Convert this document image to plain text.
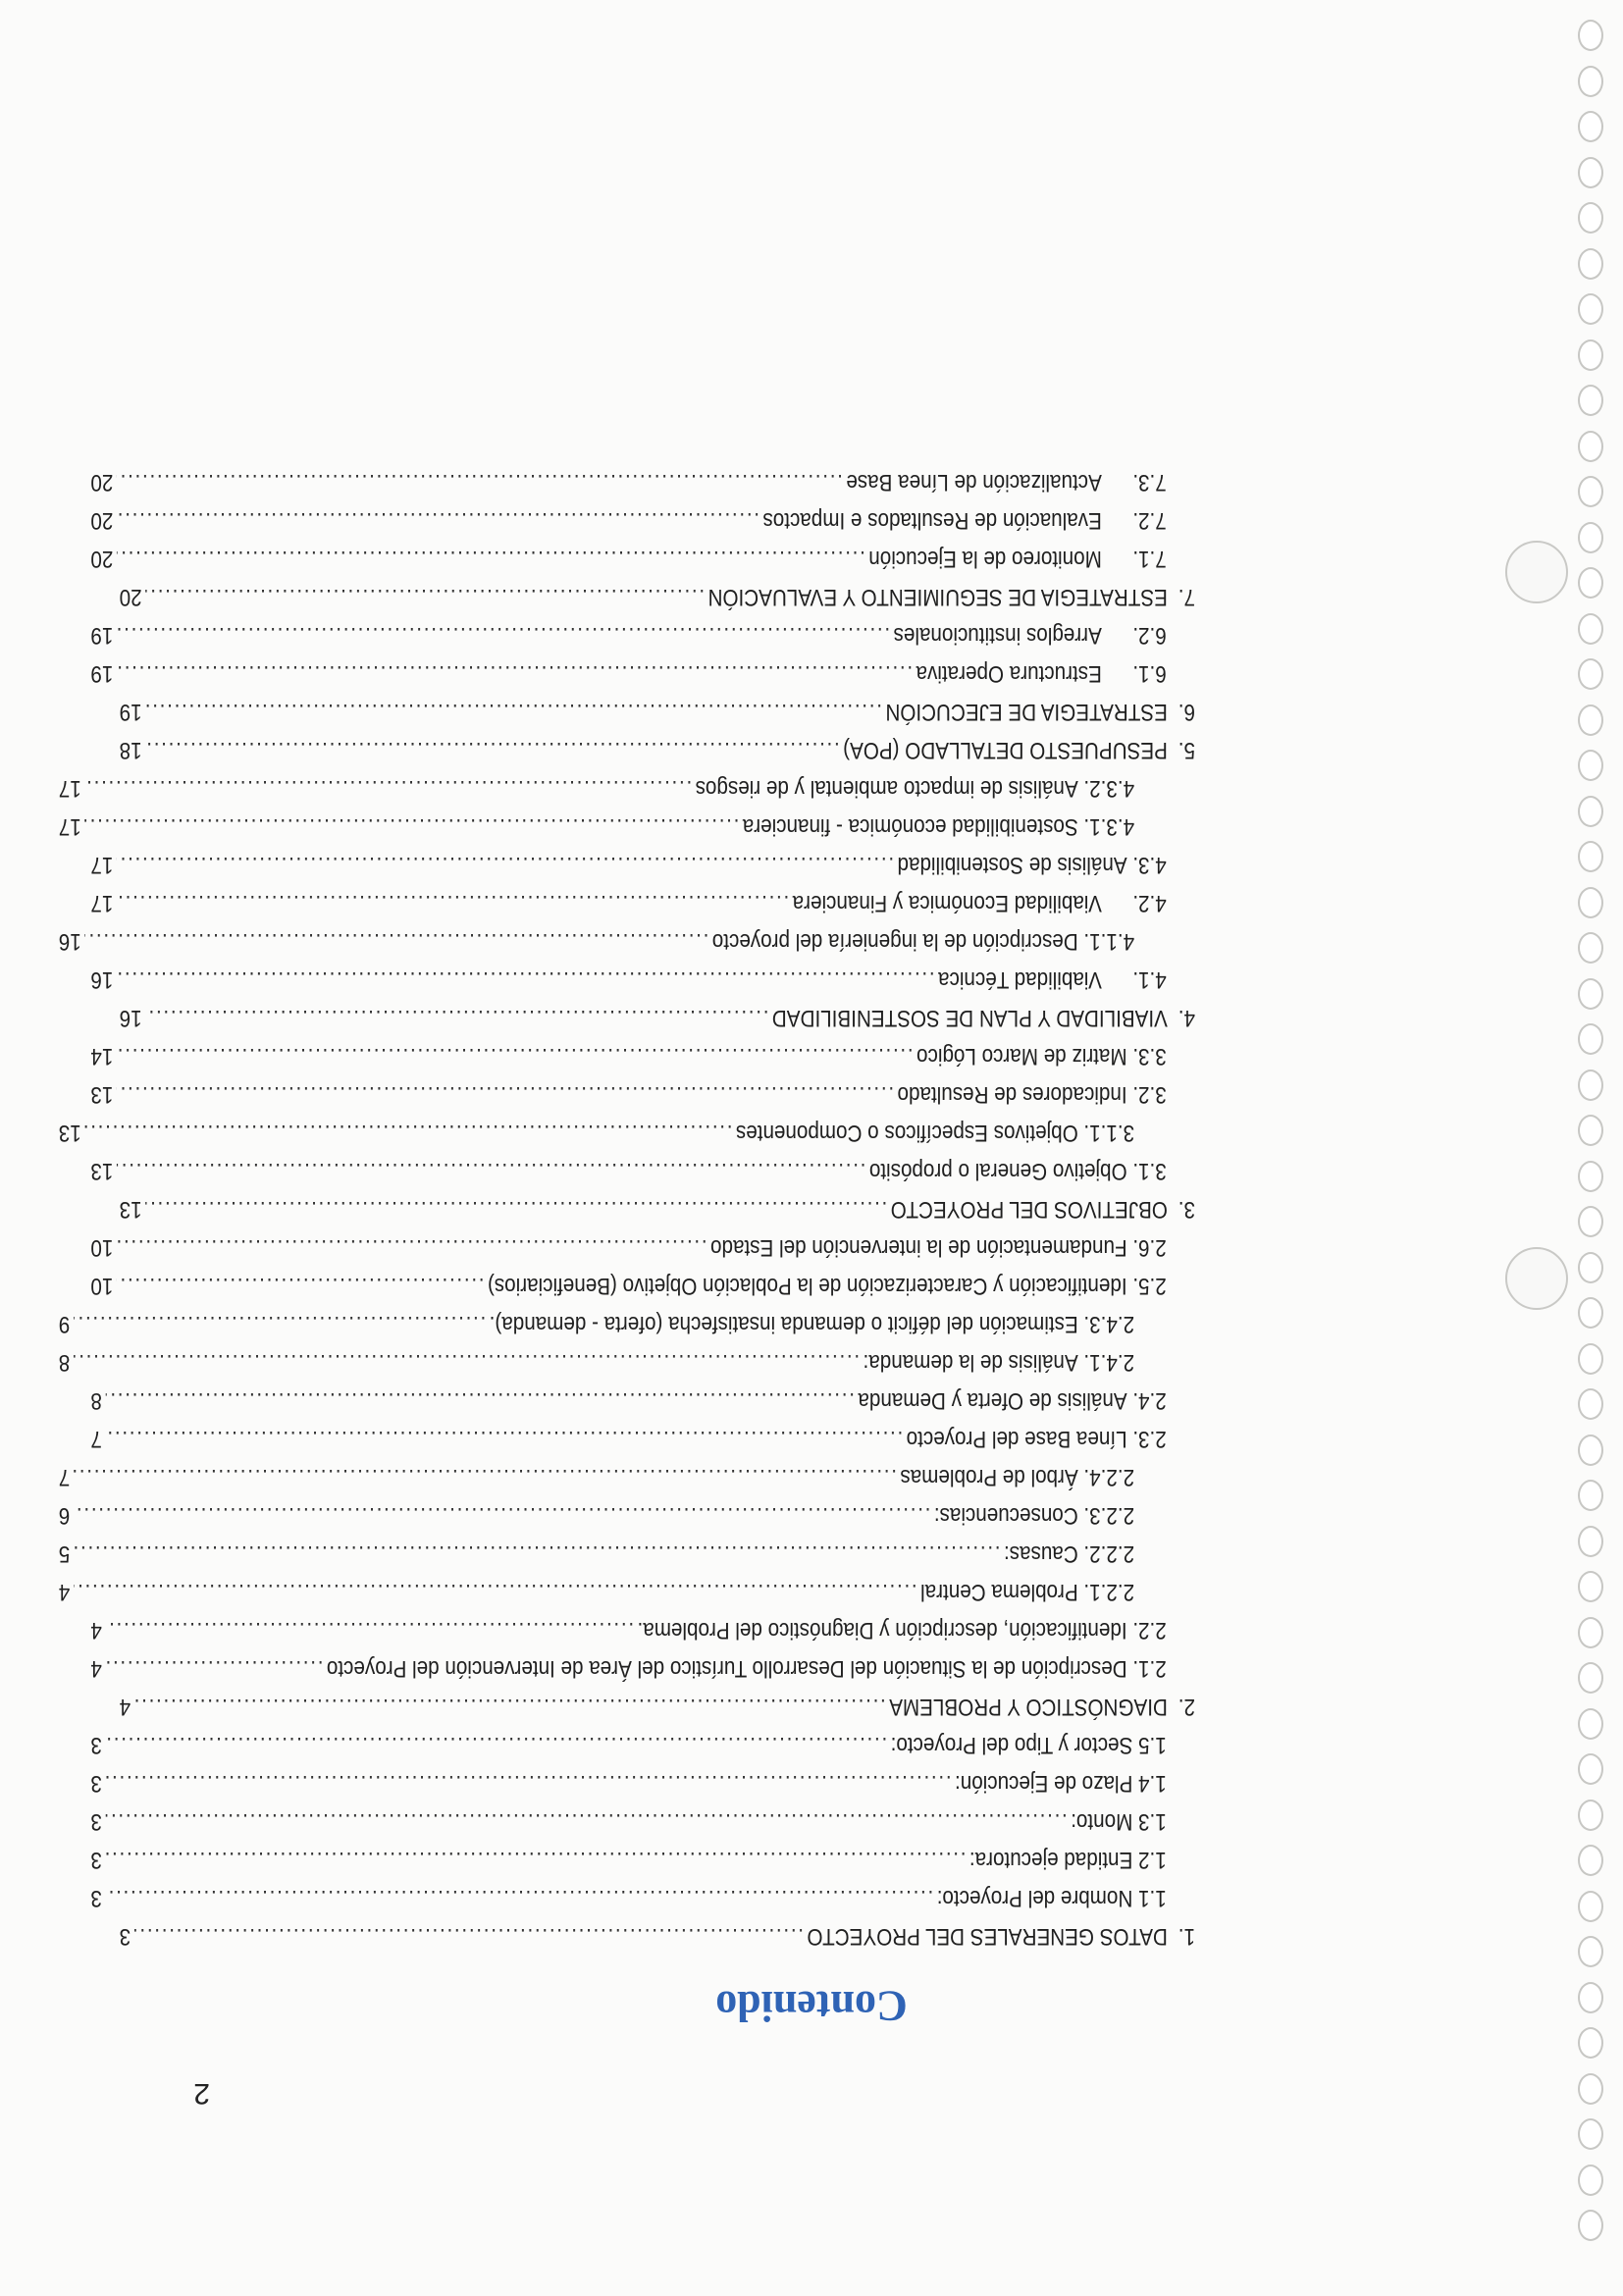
2
Contenido
1.

DATOS GENERALES DEL PROYECTO
.....
3
1.1

Nombre del Proyecto:
.....
3
1.2

Entidad ejecutora:
.....
3
1.3

Monto:
.....
3
1.4

Plazo de Ejecución:
.....
3
1.5

Sector y Tipo del Proyecto:
.....
3
2.

DIAGNÓSTICO Y PROBLEMA
.....
4
2.1.

Descripción de la Situación del Desarrollo Turístico del Área de Intervención del Proyecto
.....
4
2.2.

Identificación, descripción y Diagnóstico del Problema.
.....
4
2.2.1.

Problema Central
.....
4
2.2.2.

Causas:
.....
5
2.2.3.

Consecuencias:
.....
6
2.2.4.

Árbol de Problemas
.....
7
2.3.

Línea Base del Proyecto
.....
7
2.4.

Análisis de Oferta y Demanda
.....
8
2.4.1.

Análisis de la demanda:
.....
8
2.4.3.

Estimación del déficit o demanda insatisfecha (oferta - demanda).
.....
9
2.5.

Identificación y Caracterización de la Población Objetivo (Beneficiarios)
.....
10
2.6.

Fundamentación de la intervención del Estado
.....
10
3.

OBJETIVOS DEL PROYECTO
.....
13
3.1.

Objetivo General o propósito
.....
13
3.1.1.

Objetivos Específicos o Componentes
.....
13
3.2.

Indicadores de Resultado
.....
13
3.3.

Matriz de Marco Lógico
.....
14
4.

VIABILIDAD Y PLAN DE SOSTENIBILIDAD
.....
16
4.1.

Viabilidad Técnica
.....
16
4.1.1.

Descripción de la ingeniería del proyecto
.....
16
4.2.

Viabilidad Económica y Financiera
.....
17
4.3.

Análisis de Sostenibilidad
.....
17
4.3.1.

Sostenibilidad económica - financiera
.....
17
4.3.2.

Análisis de impacto ambiental y de riesgos
.....
17
5.

PESUPUESTO DETALLADO (POA)
.....
18
6.

ESTRATEGIA DE EJECUCIÓN
.....
19
6.1.

Estructura Operativa
.....
19
6.2.

Arreglos institucionales
.....
19
7.

ESTRATEGIA DE SEGUIMIENTO Y EVALUACIÓN
.....
20
7.1.

Monitoreo de la Ejecución
.....
20
7.2.

Evaluación de Resultados e Impactos
.....
20
7.3.

Actualización de Línea Base
.....
20
